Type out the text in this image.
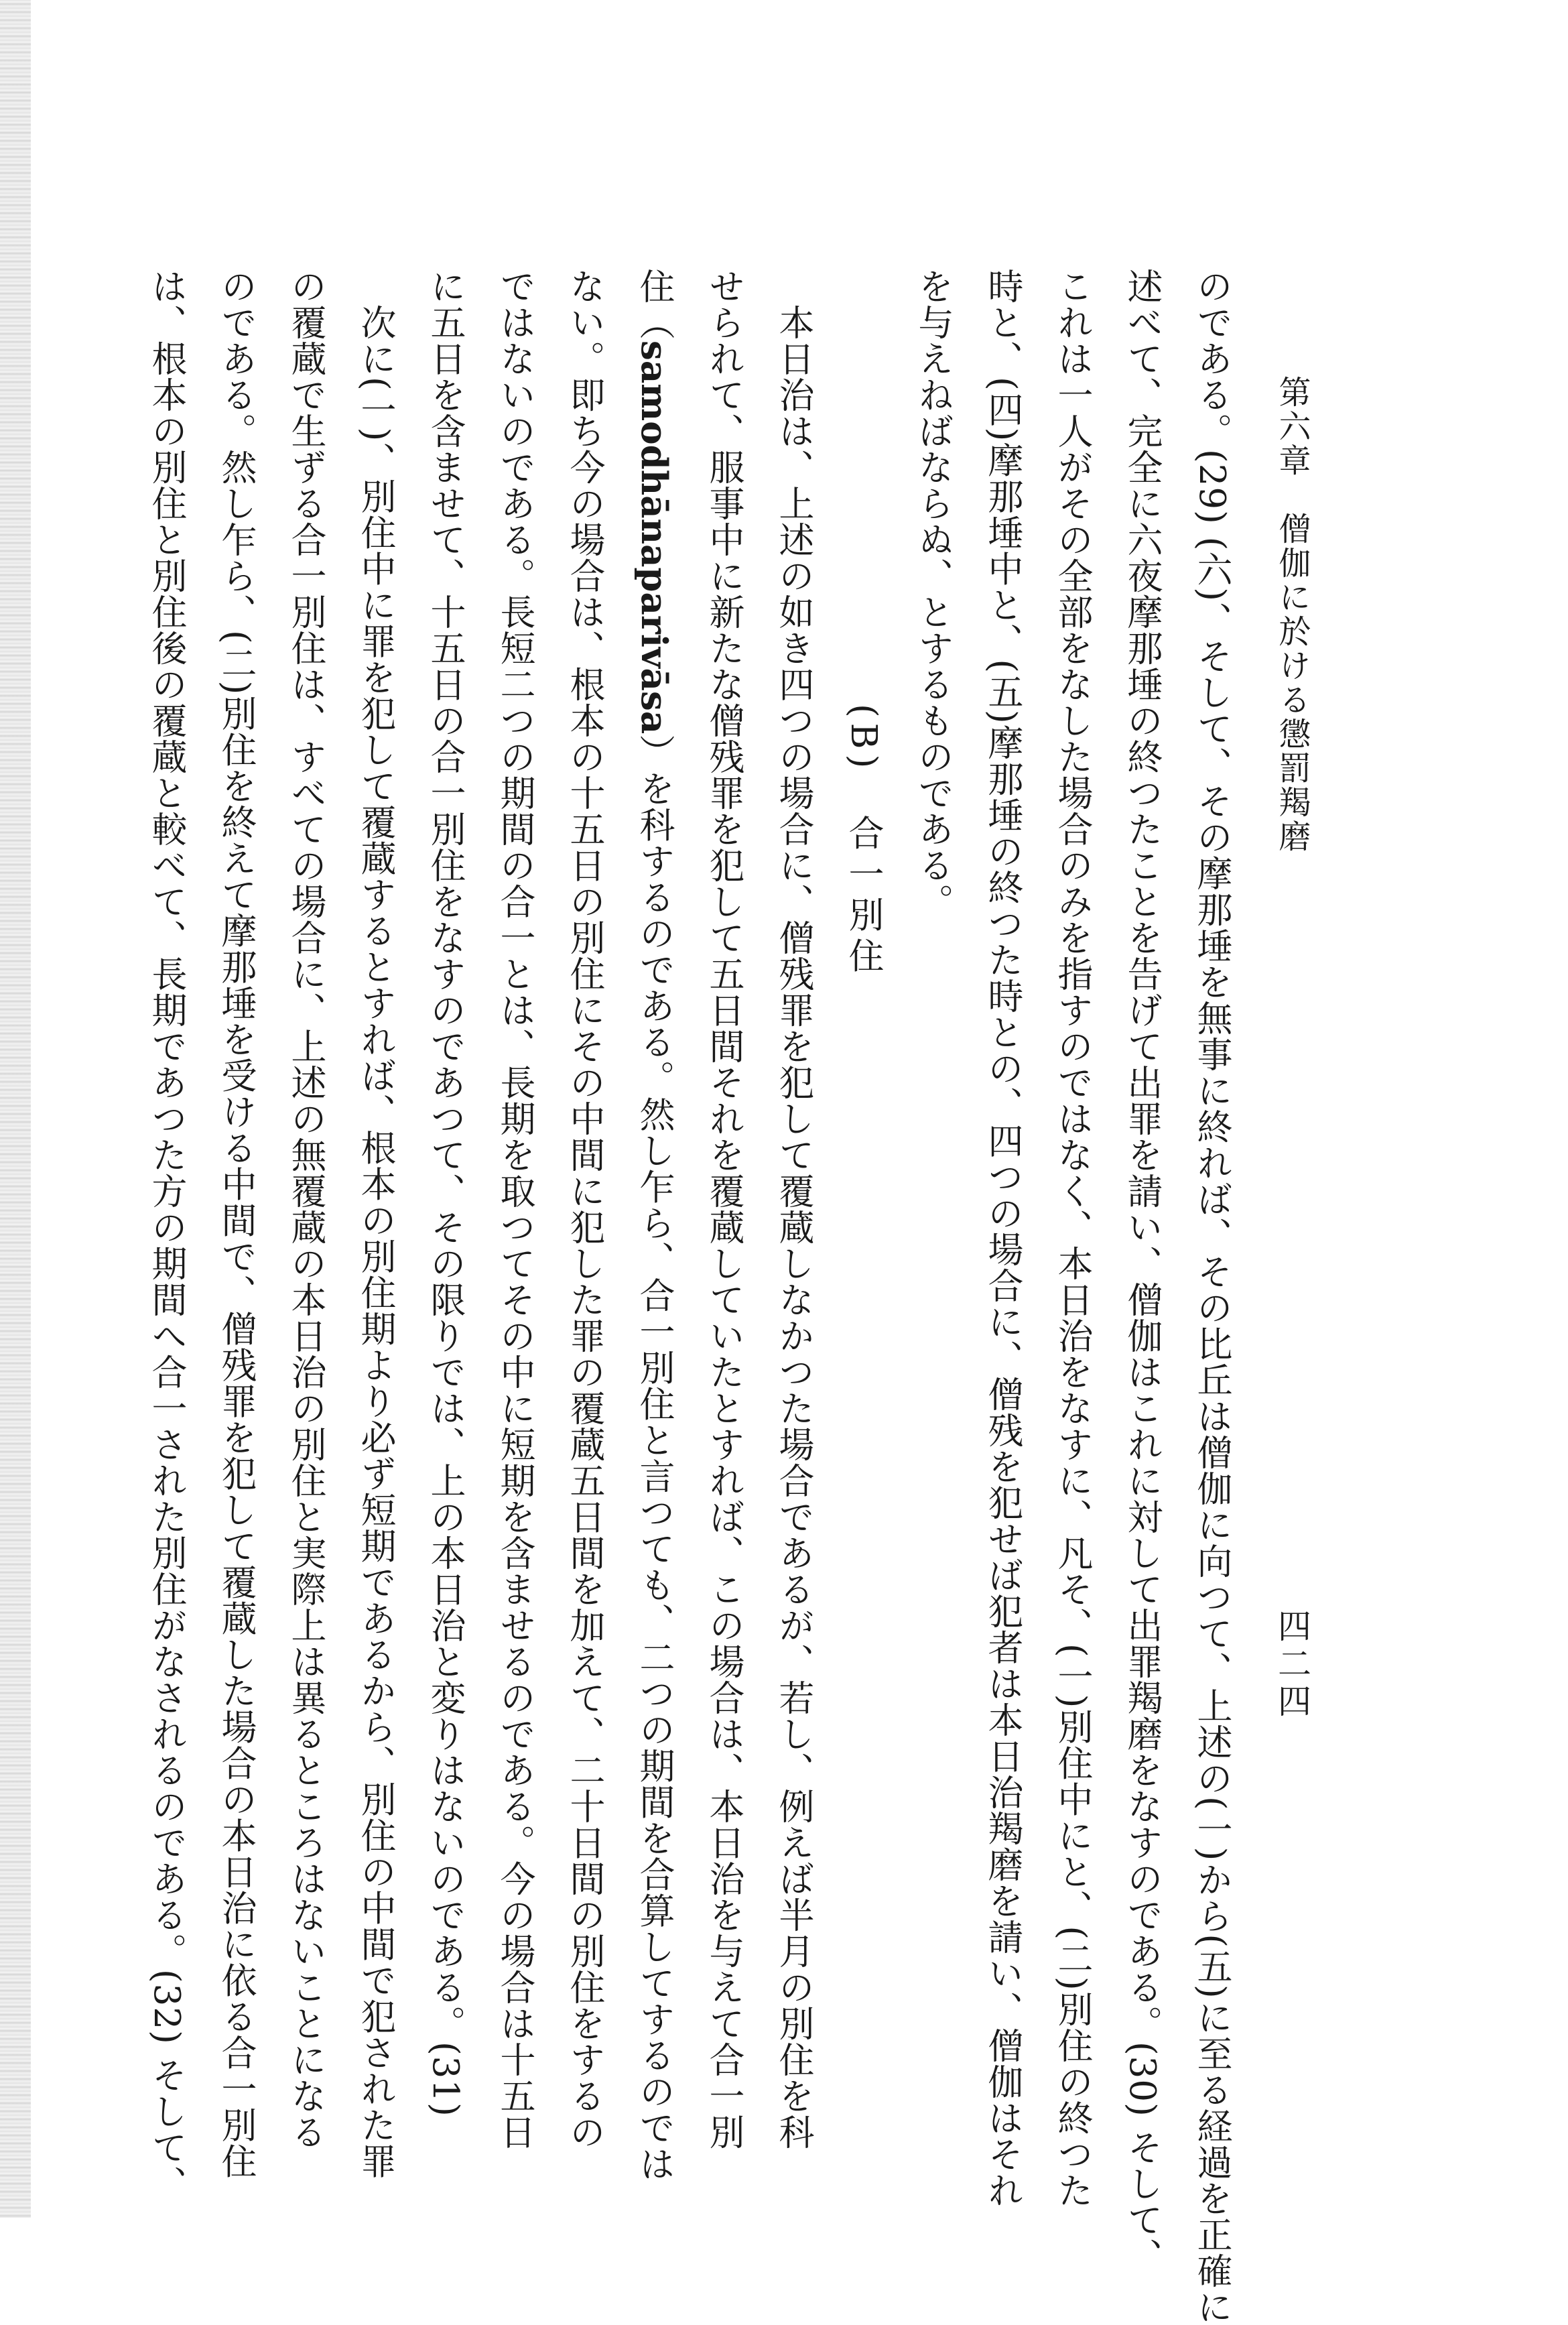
第六章　僧伽に於ける懲罰羯磨
四二四
のである。(29) (六)、そして、その摩那埵を無事に終れば、その比丘は僧伽に向つて、上述の(一)から(五)に至る経過を正確に
述べて、完全に六夜摩那埵の終つたことを告げて出罪を請い、僧伽はこれに対して出罪羯磨をなすのである。(30) そして、
これは一人がその全部をなした場合のみを指すのではなく、本日治をなすに、凡そ、(一)別住中にと、(二)別住の終つた
時と、(四)摩那埵中と、(五)摩那埵の終つた時との、四つの場合に、僧残を犯せば犯者は本日治羯磨を請い、僧伽はそれ
を与えねばならぬ、とするものである。
(B)　合一別住
　本日治は、上述の如き四つの場合に、僧残罪を犯して覆蔵しなかつた場合であるが、若し、例えば半月の別住を科
せられて、服事中に新たな僧残罪を犯して五日間それを覆蔵していたとすれば、この場合は、本日治を与えて合一別
住（samodhānaparivāsa）を科するのである。然し乍ら、合一別住と言つても、二つの期間を合算してするのでは
ない。即ち今の場合は、根本の十五日の別住にその中間に犯した罪の覆蔵五日間を加えて、二十日間の別住をするの
ではないのである。長短二つの期間の合一とは、長期を取つてその中に短期を含ませるのである。今の場合は十五日
に五日を含ませて、十五日の合一別住をなすのであつて、その限りでは、上の本日治と変りはないのである。(31)
　次に(一)、別住中に罪を犯して覆蔵するとすれば、根本の別住期より必ず短期であるから、別住の中間で犯された罪
の覆蔵で生ずる合一別住は、すべての場合に、上述の無覆蔵の本日治の別住と実際上は異るところはないことになる
のである。然し乍ら、(二)別住を終えて摩那埵を受ける中間で、僧残罪を犯して覆蔵した場合の本日治に依る合一別住
は、根本の別住と別住後の覆蔵と較べて、長期であつた方の期間へ合一された別住がなされるのである。(32) そして、
